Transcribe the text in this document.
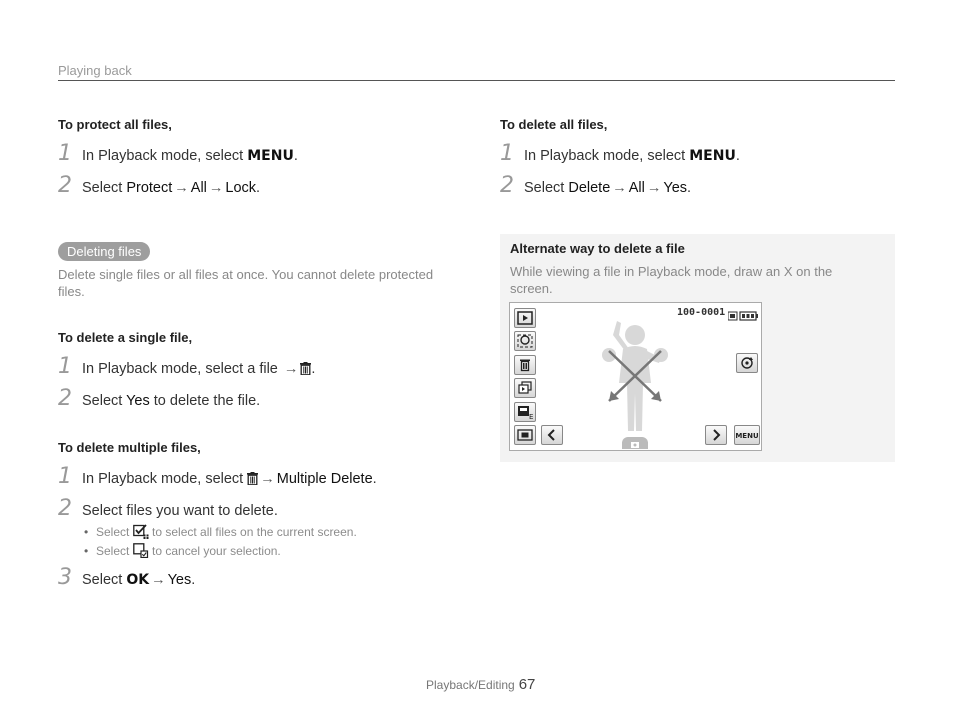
Playing back
To protect all files,
1 In Playback mode, select MENU.
2 Select Protect → All → Lock.
To delete all files,
1 In Playback mode, select MENU.
2 Select Delete → All → Yes.
Deleting files
Delete single files or all files at once. You cannot delete protected files.
To delete a single file,
1 In Playback mode, select a file → .
2 Select Yes to delete the file.
To delete multiple files,
1 In Playback mode, select → Multiple Delete.
2 Select files you want to delete.
• Select  to select all files on the current screen.
• Select  to cancel your selection.
3 Select OK → Yes.
Alternate way to delete a file
While viewing a file in Playback mode, draw an X on the screen.
E
MENU
100-0001
Playback/Editing 67
